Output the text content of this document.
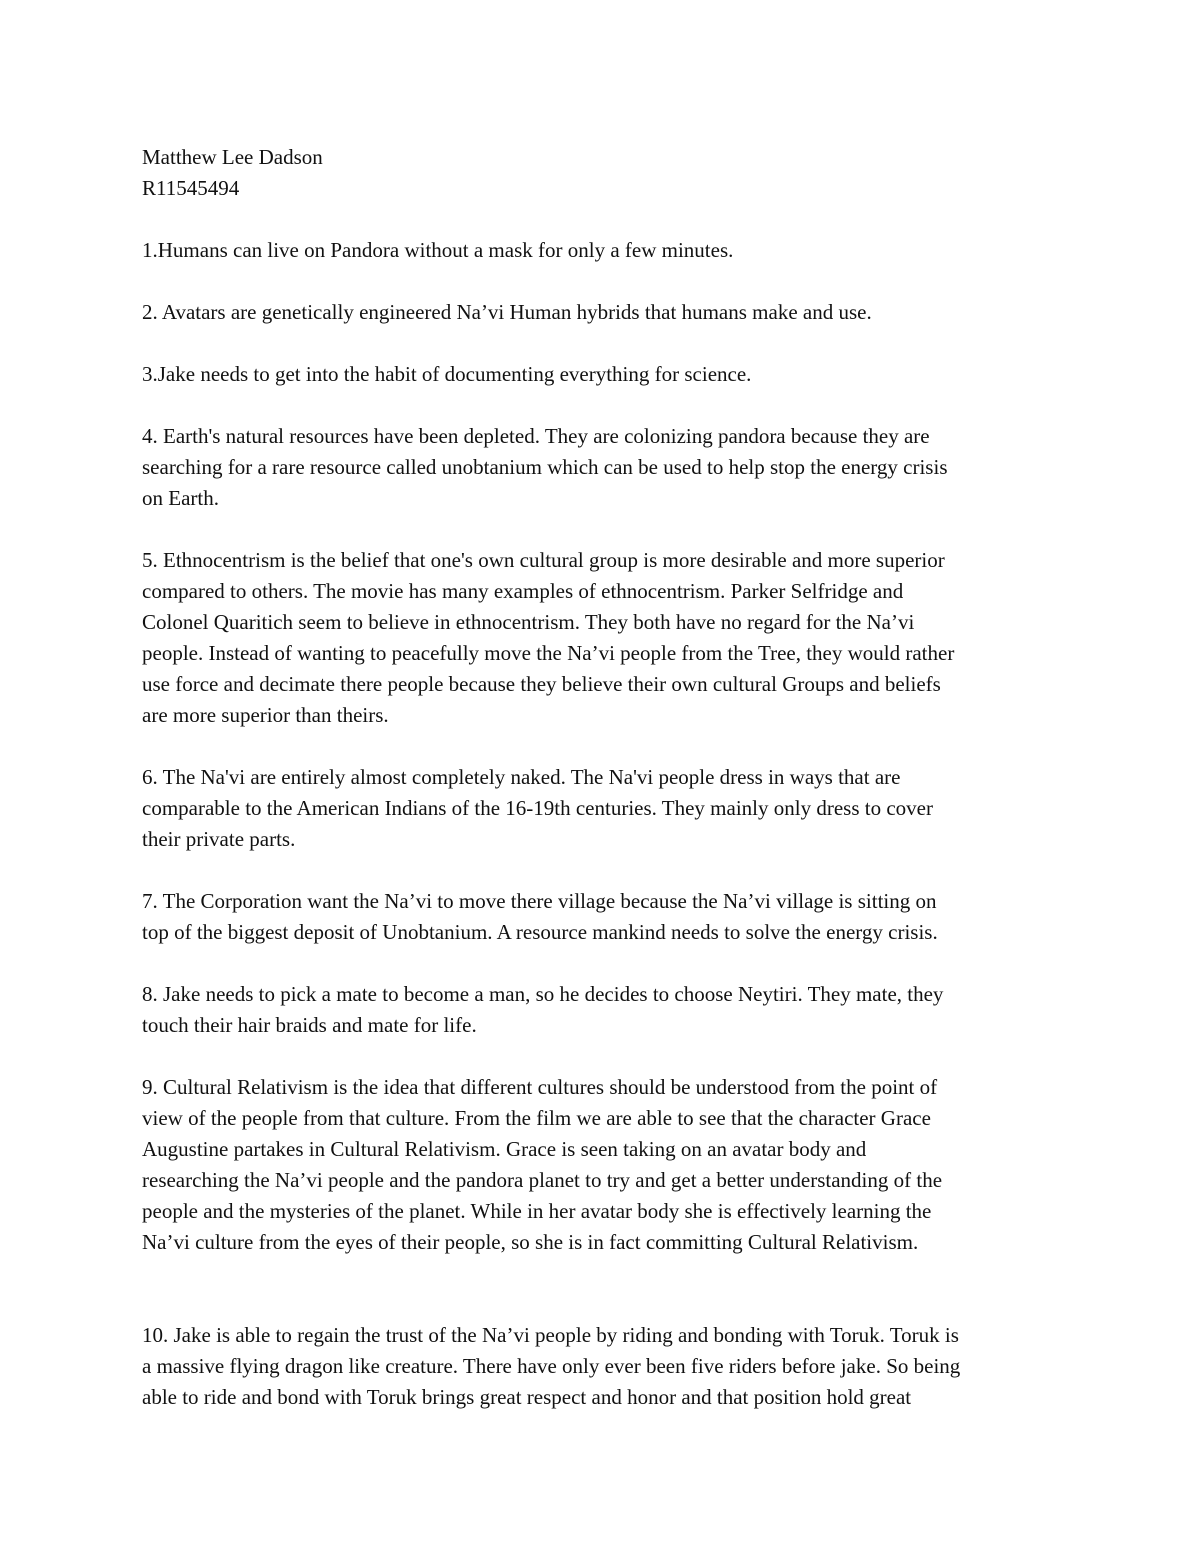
Matthew Lee Dadson

R11545494

1.Humans can live on Pandora without a mask for only a few minutes.

2. Avatars are genetically engineered Na’vi Human hybrids that humans make and use.

3.Jake needs to get into the habit of documenting everything for science.

4. Earth's natural resources have been depleted. They are colonizing pandora because they are

searching for a rare resource called unobtanium which can be used to help stop the energy crisis

on Earth.

5. Ethnocentrism is the belief that one's own cultural group is more desirable and more superior

compared to others. The movie has many examples of ethnocentrism. Parker Selfridge and

Colonel Quaritich seem to believe in ethnocentrism. They both have no regard for the Na’vi

people. Instead of wanting to peacefully move the Na’vi people from the Tree, they would rather

use force and decimate there people because they believe their own cultural Groups and beliefs

are more superior than theirs.

6. The Na'vi are entirely almost completely naked. The Na'vi people dress in ways that are

comparable to the American Indians of the 16-19th centuries. They mainly only dress to cover

their private parts.

7. The Corporation want the Na’vi to move there village because the Na’vi village is sitting on

top of the biggest deposit of Unobtanium. A resource mankind needs to solve the energy crisis.

8. Jake needs to pick a mate to become a man, so he decides to choose Neytiri. They mate, they

touch their hair braids and mate for life.

9. Cultural Relativism is the idea that different cultures should be understood from the point of

view of the people from that culture. From the film we are able to see that the character Grace

Augustine partakes in Cultural Relativism. Grace is seen taking on an avatar body and

researching the Na’vi people and the pandora planet to try and get a better understanding of the

people and the mysteries of the planet. While in her avatar body she is effectively learning the

Na’vi culture from the eyes of their people, so she is in fact committing Cultural Relativism.

10. Jake is able to regain the trust of the Na’vi people by riding and bonding with Toruk. Toruk is

a massive flying dragon like creature. There have only ever been five riders before jake. So being

able to ride and bond with Toruk brings great respect and honor and that position hold great
